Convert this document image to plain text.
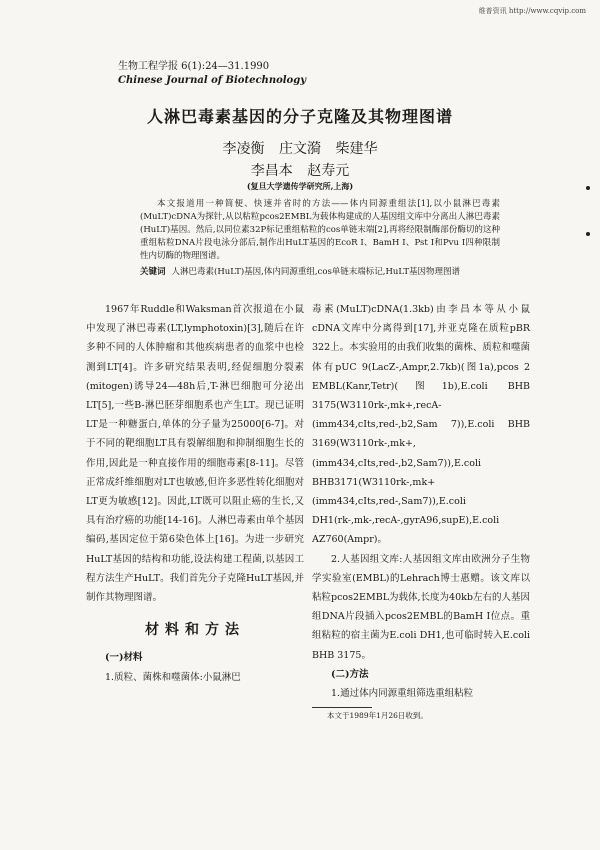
维普资讯 http://www.cqvip.com
生物工程学报 6(1):24—31.1990
Chinese Journal of Biotechnology
人淋巴毒素基因的分子克隆及其物理图谱
李凌衡 庄文漪 柴建华
李昌本 赵寿元
(复旦大学遗传学研究所,上海)

本文报道用一种简便、快速并省时的方法——体内同源重组法[1],以小鼠淋巴毒素(MuLT)cDNA为探针,从以粘粒pcos2EMBL为载体构建成的人基因组文库中分离出人淋巴毒素(HuLT)基因。然后,以同位素32P标记重组粘粒的cos单链末端[2],再将经限制酶部份酶切的这种重组粘粒DNA片段电泳分部后,制作出HuLT基因的EcoR I、BamH I、Pst I和Pvu I四种限制性内切酶的物理图谱。

关键词 人淋巴毒素(HuLT)基因,体内同源重组,cos单链末端标记,HuLT基因物理图谱

1967年Ruddle和Waksman首次报道在小鼠中发现了淋巴毒素(LT,lymphotoxin)[3],随后在许多种不同的人体肿瘤和其他疾病患者的血浆中也检测到LT[4]。许多研究结果表明,经促细胞分裂素(mitogen)诱导24—48h后,T-淋巴细胞可分泌出LT[5],一些B-淋巴胚芽细胞系也产生LT。现已证明LT是一种糖蛋白,单体的分子量为25000[6-7]。对于不同的靶细胞LT具有裂解细胞和抑制细胞生长的作用,因此是一种直接作用的细胞毒素[8-11]。尽管正常成纤维细胞对LT也敏感,但许多恶性转化细胞对LT更为敏感[12]。因此,LT既可以阻止癌的生长,又具有治疗癌的功能[14-16]。人淋巴毒素由单个基因编码,基因定位于第6染色体上[16]。为进一步研究HuLT基因的结构和功能,设法构建工程菌,以基因工程方法生产HuLT。我们首先分子克隆HuLT基因,并制作其物理图谱。

材料和方法
(一)材料

1.质粒、菌株和噬菌体:小鼠淋巴

毒素(MuLT)cDNA(1.3kb)由李昌本等从小鼠cDNA文库中分离得到[17],并亚克隆在质粒pBR 322上。本实验用的由我们收集的菌株、质粒和噬菌体有pUC 9(LacZ-,Ampr,2.7kb)(图1a),pcos 2 EMBL(Kanr,Tetr)(图1b),E.coli BHB 3175(W3110rk-,mk+,recA-(imm434,cIts,red-,b2,Sam 7)),E.coli BHB 3169(W3110rk-,mk+,(imm434,cIts,red-,b2,Sam7)),E.coli BHB3171(W3110rk-,mk+(imm434,cIts,red-,Sam7)),E.coli DH1(rk-,mk-,recA-,gyrA96,supE),E.coli AZ760(Ampr)。

2.人基因组文库:人基因组文库由欧洲分子生物学实验室(EMBL)的Lehrach博士惠赠。该文库以粘粒pcos2EMBL为载体,长度为40kb左右的人基因组DNA片段插入pcos2EMBL的BamH I位点。重组粘粒的宿主菌为E.coli DH1,也可临时转入E.coli BHB 3175。

(二)方法

1.通过体内同源重组筛选重组粘粒

本文于1989年1月26日收到。
